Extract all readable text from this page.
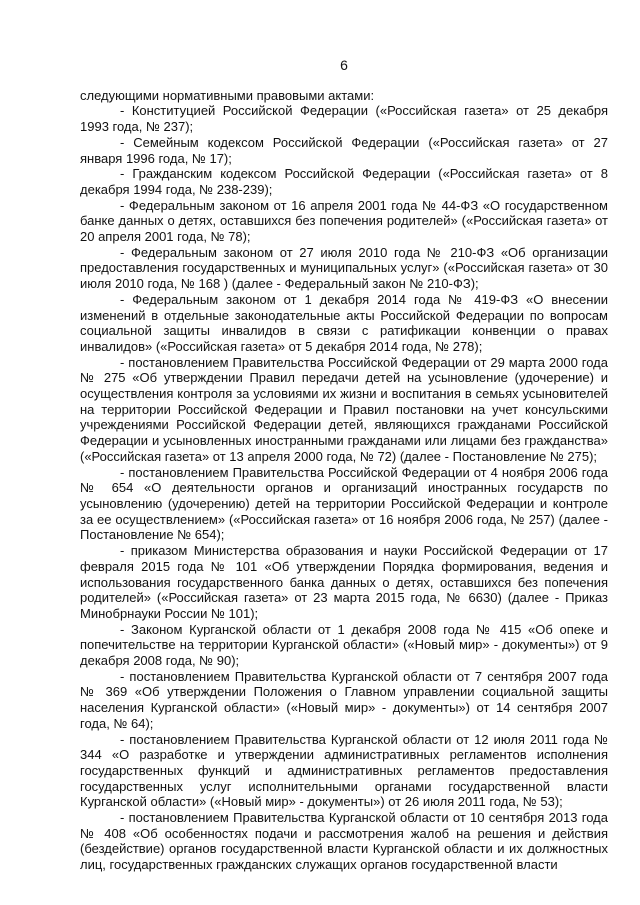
6

следующими нормативными правовыми актами:

- Конституцией Российской Федерации («Российская газета» от 25 декабря 1993 года, № 237);

- Семейным кодексом Российской Федерации («Российская газета» от 27 января 1996 года, № 17);

- Гражданским кодексом Российской Федерации («Российская газета» от 8 декабря 1994 года, № 238-239);

- Федеральным законом от 16 апреля 2001 года № 44-ФЗ «О государственном банке данных о детях, оставшихся без попечения родителей» («Российская газета» от 20 апреля 2001 года, № 78);

- Федеральным законом от 27 июля 2010 года № 210-ФЗ «Об организации предоставления государственных и муниципальных услуг» («Российская газета» от 30 июля 2010 года, № 168 ) (далее - Федеральный закон № 210-ФЗ);

- Федеральным законом от 1 декабря 2014 года № 419-ФЗ «О внесении изменений в отдельные законодательные акты Российской Федерации по вопросам социальной защиты инвалидов в связи с ратификации конвенции о правах инвалидов» («Российская газета» от 5 декабря 2014 года, № 278);

- постановлением Правительства Российской Федерации от 29 марта 2000 года № 275 «Об утверждении Правил передачи детей на усыновление (удочерение) и осуществления контроля за условиями их жизни и воспитания в семьях усыновителей на территории Российской Федерации и Правил постановки на учет консульскими учреждениями Российской Федерации детей, являющихся гражданами Российской Федерации и усыновленных иностранными гражданами или лицами без гражданства» («Российская газета» от 13 апреля 2000 года, № 72) (далее - Постановление № 275);

- постановлением Правительства Российской Федерации от 4 ноября 2006 года № 654 «О деятельности органов и организаций иностранных государств по усыновлению (удочерению) детей на территории Российской Федерации и контроле за ее осуществлением» («Российская газета» от 16 ноября 2006 года, № 257) (далее - Постановление № 654);

- приказом Министерства образования и науки Российской Федерации от 17 февраля 2015 года № 101 «Об утверждении Порядка формирования, ведения и использования государственного банка данных о детях, оставшихся без попечения родителей» («Российская газета» от 23 марта 2015 года, № 6630) (далее - Приказ Минобрнауки России № 101);

- Законом Курганской области от 1 декабря 2008 года № 415 «Об опеке и попечительстве на территории Курганской области» («Новый мир» - документы») от 9 декабря 2008 года, № 90);

- постановлением Правительства Курганской области от 7 сентября 2007 года № 369 «Об утверждении Положения о Главном управлении социальной защиты населения Курганской области» («Новый мир» - документы») от 14 сентября 2007 года, № 64);

- постановлением Правительства Курганской области от 12 июля 2011 года № 344 «О разработке и утверждении административных регламентов исполнения государственных функций и административных регламентов предоставления государственных услуг исполнительными органами государственной власти Курганской области» («Новый мир» - документы») от 26 июля 2011 года, № 53);

- постановлением Правительства Курганской области от 10 сентября 2013 года № 408 «Об особенностях подачи и рассмотрения жалоб на решения и действия (бездействие) органов государственной власти Курганской области и их должностных лиц, государственных гражданских служащих органов государственной власти
